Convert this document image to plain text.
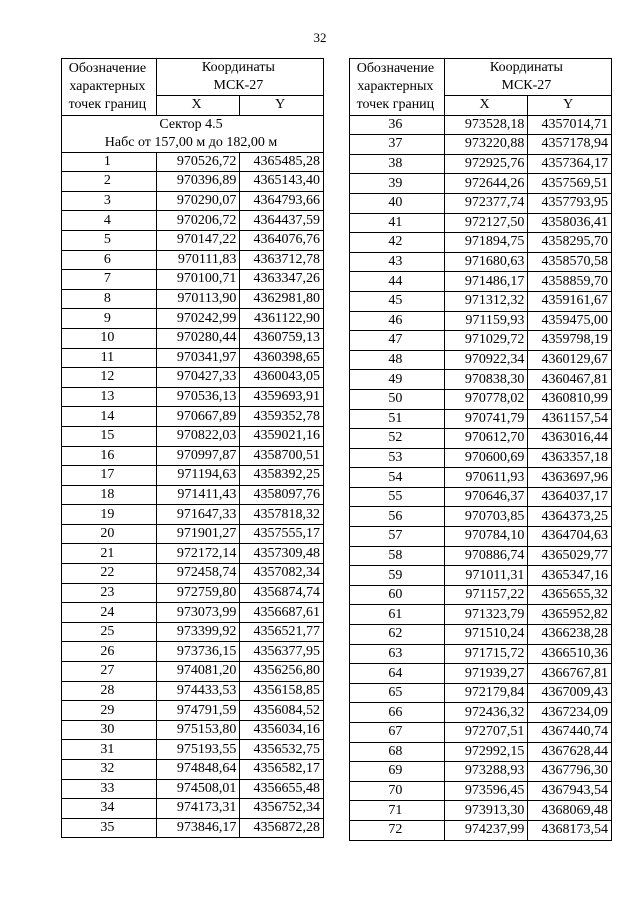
32
Обозначение
характерных
точек границ	Координаты
МСК-27	
	X	Y
Сектор 4.5
Набс от 157,00 м до 182,00 м		
1	970526,72	4365485,28
2	970396,89	4365143,40
3	970290,07	4364793,66
4	970206,72	4364437,59
5	970147,22	4364076,76
6	970111,83	4363712,78
7	970100,71	4363347,26
8	970113,90	4362981,80
9	970242,99	4361122,90
10	970280,44	4360759,13
11	970341,97	4360398,65
12	970427,33	4360043,05
13	970536,13	4359693,91
14	970667,89	4359352,78
15	970822,03	4359021,16
16	970997,87	4358700,51
17	971194,63	4358392,25
18	971411,43	4358097,76
19	971647,33	4357818,32
20	971901,27	4357555,17
21	972172,14	4357309,48
22	972458,74	4357082,34
23	972759,80	4356874,74
24	973073,99	4356687,61
25	973399,92	4356521,77
26	973736,15	4356377,95
27	974081,20	4356256,80
28	974433,53	4356158,85
29	974791,59	4356084,52
30	975153,80	4356034,16
31	975193,55	4356532,75
32	974848,64	4356582,17
33	974508,01	4356655,48
34	974173,31	4356752,34
35	973846,17	4356872,28
Обозначение
характерных
точек границ	Координаты
МСК-27	
	X	Y
36	973528,18	4357014,71
37	973220,88	4357178,94
38	972925,76	4357364,17
39	972644,26	4357569,51
40	972377,74	4357793,95
41	972127,50	4358036,41
42	971894,75	4358295,70
43	971680,63	4358570,58
44	971486,17	4358859,70
45	971312,32	4359161,67
46	971159,93	4359475,00
47	971029,72	4359798,19
48	970922,34	4360129,67
49	970838,30	4360467,81
50	970778,02	4360810,99
51	970741,79	4361157,54
52	970612,70	4363016,44
53	970600,69	4363357,18
54	970611,93	4363697,96
55	970646,37	4364037,17
56	970703,85	4364373,25
57	970784,10	4364704,63
58	970886,74	4365029,77
59	971011,31	4365347,16
60	971157,22	4365655,32
61	971323,79	4365952,82
62	971510,24	4366238,28
63	971715,72	4366510,36
64	971939,27	4366767,81
65	972179,84	4367009,43
66	972436,32	4367234,09
67	972707,51	4367440,74
68	972992,15	4367628,44
69	973288,93	4367796,30
70	973596,45	4367943,54
71	973913,30	4368069,48
72	974237,99	4368173,54
